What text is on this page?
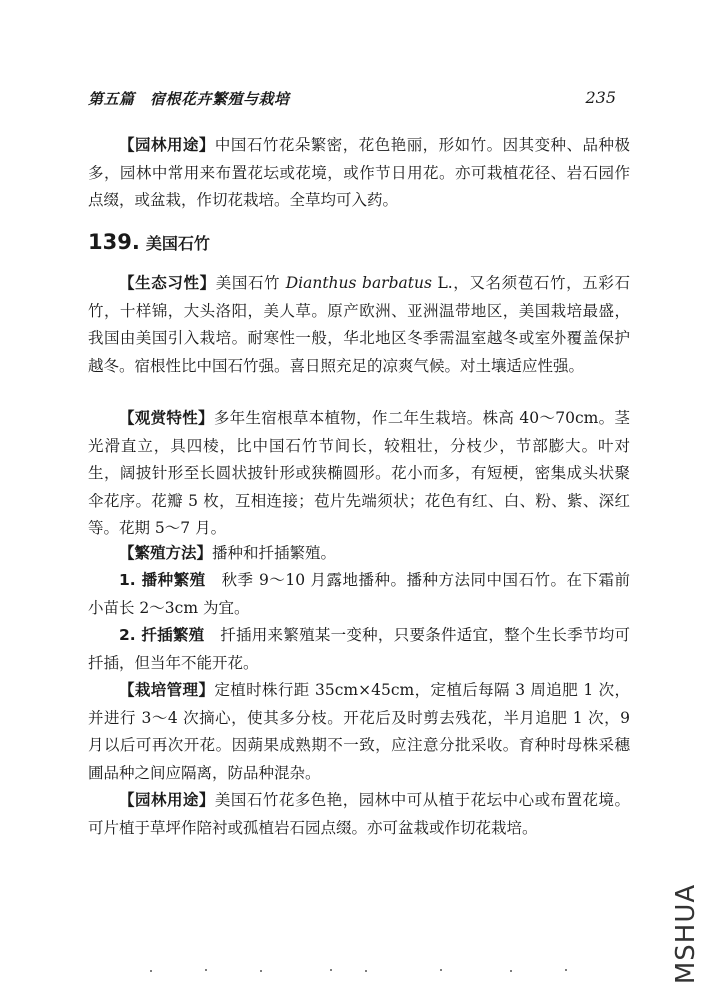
第五篇　宿根花卉繁殖与栽培	235

【园林用途】中国石竹花朵繁密，花色艳丽，形如竹。因其变种、品种极多，园林中常用来布置花坛或花境，或作节日用花。亦可栽植花径、岩石园作点缀，或盆栽，作切花栽培。全草均可入药。

139. 美国石竹

【生态习性】美国石竹 Dianthus barbatus L.，又名须苞石竹，五彩石竹，十样锦，大头洛阳，美人草。原产欧洲、亚洲温带地区，美国栽培最盛，我国由美国引入栽培。耐寒性一般，华北地区冬季需温室越冬或室外覆盖保护越冬。宿根性比中国石竹强。喜日照充足的凉爽气候。对土壤适应性强。

【观赏特性】多年生宿根草本植物，作二年生栽培。株高 40～70cm。茎光滑直立，具四棱，比中国石竹节间长，较粗壮，分枝少，节部膨大。叶对生，阔披针形至长圆状披针形或狭椭圆形。花小而多，有短梗，密集成头状聚伞花序。花瓣 5 枚，互相连接；苞片先端须状；花色有红、白、粉、紫、深红等。花期 5～7 月。

【繁殖方法】播种和扦插繁殖。

1. 播种繁殖　 秋季 9～10 月露地播种。播种方法同中国石竹。在下霜前小苗长 2～3cm 为宜。

2. 扦插繁殖　 扦插用来繁殖某一变种，只要条件适宜，整个生长季节均可扦插，但当年不能开花。

【栽培管理】定植时株行距 35cm×45cm，定植后每隔 3 周追肥 1 次，并进行 3～4 次摘心，使其多分枝。开花后及时剪去残花，半月追肥 1 次，9 月以后可再次开花。因蒴果成熟期不一致，应注意分批采收。育种时母株采穗圃品种之间应隔离，防品种混杂。

【园林用途】美国石竹花多色艳，园林中可从植于花坛中心或布置花境。可片植于草坪作陪衬或孤植岩石园点缀。亦可盆栽或作切花栽培。

MSHUA
